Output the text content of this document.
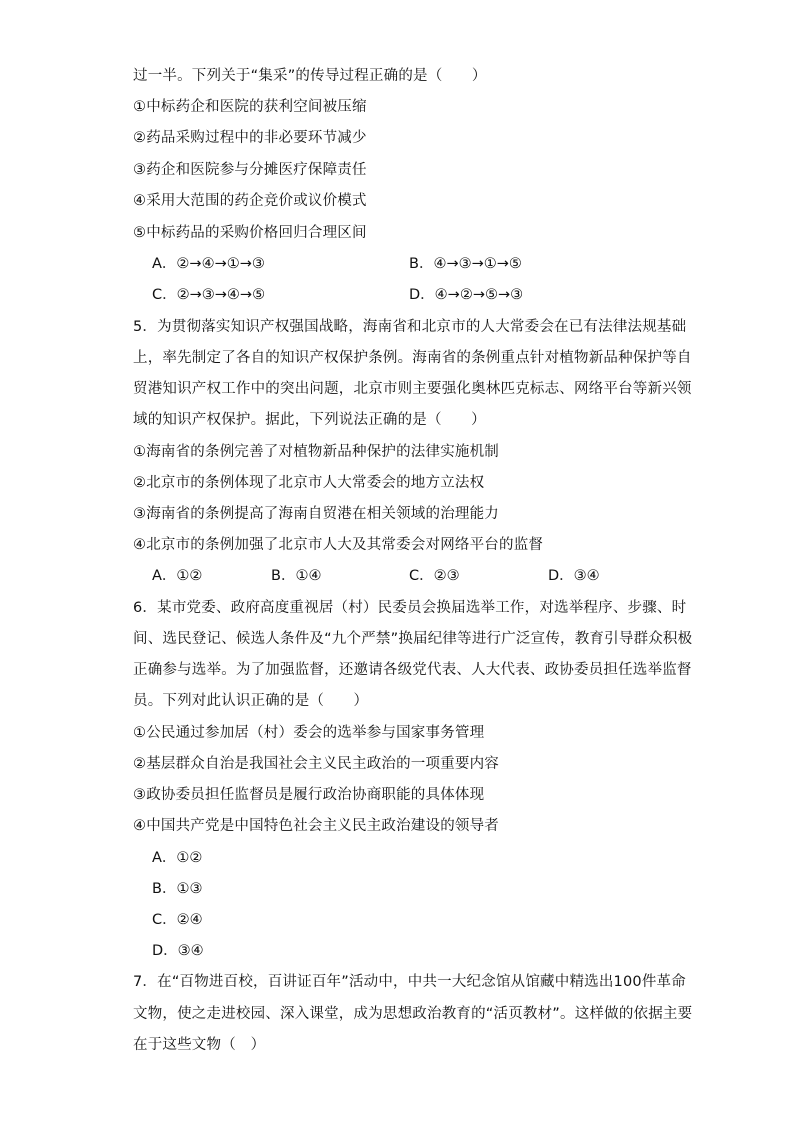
过一半。下列关于“集采”的传导过程正确的是（　　）
①中标药企和医院的获利空间被压缩
②药品采购过程中的非必要环节减少
③药企和医院参与分摊医疗保障责任
④采用大范围的药企竞价或议价模式
⑤中标药品的采购价格回归合理区间
A．②→④→①→③	B．④→③→①→⑤
C．②→③→④→⑤	D．④→②→⑤→③
5．为贯彻落实知识产权强国战略，海南省和北京市的人大常委会在已有法律法规基础
上，率先制定了各自的知识产权保护条例。海南省的条例重点针对植物新品种保护等自
贸港知识产权工作中的突出问题，北京市则主要强化奥林匹克标志、网络平台等新兴领
域的知识产权保护。据此，下列说法正确的是（　　）
①海南省的条例完善了对植物新品种保护的法律实施机制
②北京市的条例体现了北京市人大常委会的地方立法权
③海南省的条例提高了海南自贸港在相关领域的治理能力
④北京市的条例加强了北京市人大及其常委会对网络平台的监督
A．①②	B．①④	C．②③	D．③④
6．某市党委、政府高度重视居（村）民委员会换届选举工作，对选举程序、步骤、时
间、选民登记、候选人条件及“九个严禁”换届纪律等进行广泛宣传，教育引导群众积极
正确参与选举。为了加强监督，还邀请各级党代表、人大代表、政协委员担任选举监督
员。下列对此认识正确的是（　　）
①公民通过参加居（村）委会的选举参与国家事务管理
②基层群众自治是我国社会主义民主政治的一项重要内容
③政协委员担任监督员是履行政治协商职能的具体体现
④中国共产党是中国特色社会主义民主政治建设的领导者
A．①②
B．①③
C．②④
D．③④
7．在“百物进百校，百讲证百年”活动中，中共一大纪念馆从馆藏中精选出100件革命
文物，使之走进校园、深入课堂，成为思想政治教育的“活页教材”。这样做的依据主要
在于这些文物（　）
